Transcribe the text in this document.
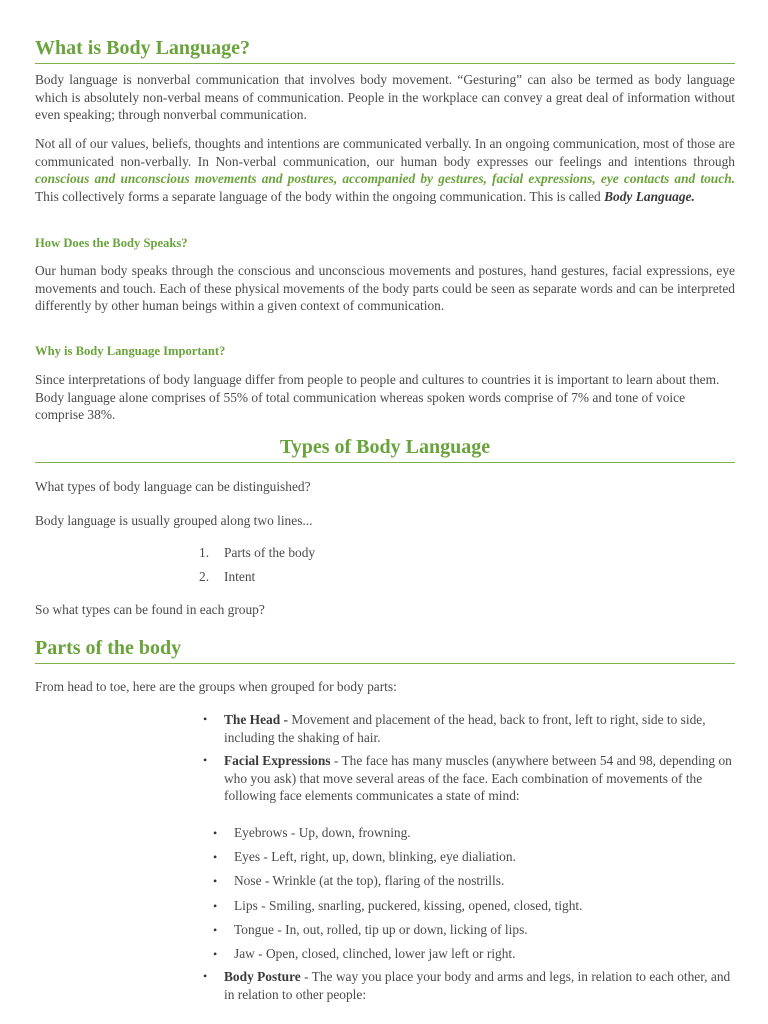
What is Body Language?

Body language is nonverbal communication that involves body movement. “Gesturing” can also be termed as body language which is absolutely non-verbal means of communication. People in the workplace can convey a great deal of information without even speaking; through nonverbal communication.

Not all of our values, beliefs, thoughts and intentions are communicated verbally. In an ongoing communication, most of those are communicated non-verbally. In Non-verbal communication, our human body expresses our feelings and intentions through conscious and unconscious movements and postures, accompanied by gestures, facial expressions, eye contacts and touch. This collectively forms a separate language of the body within the ongoing communication. This is called Body Language.

How Does the Body Speaks?

Our human body speaks through the conscious and unconscious movements and postures, hand gestures, facial expressions, eye movements and touch. Each of these physical movements of the body parts could be seen as separate words and can be interpreted differently by other human beings within a given context of communication.

Why is Body Language Important?

Since interpretations of body language differ from people to people and cultures to countries it is important to learn about them. Body language alone comprises of 55% of total communication whereas spoken words comprise of 7% and tone of voice comprise 38%.

Types of Body Language

What types of body language can be distinguished?

Body language is usually grouped along two lines...

1. Parts of the body
2. Intent

So what types can be found in each group?

Parts of the body

From head to toe, here are the groups when grouped for body parts:

• The Head - Movement and placement of the head, back to front, left to right, side to side, including the shaking of hair.
• Facial Expressions - The face has many muscles (anywhere between 54 and 98, depending on who you ask) that move several areas of the face. Each combination of movements of the following face elements communicates a state of mind:
• Eyebrows - Up, down, frowning.
• Eyes - Left, right, up, down, blinking, eye dialiation.
• Nose - Wrinkle (at the top), flaring of the nostrills.
• Lips - Smiling, snarling, puckered, kissing, opened, closed, tight.
• Tongue - In, out, rolled, tip up or down, licking of lips.
• Jaw - Open, closed, clinched, lower jaw left or right.
• Body Posture - The way you place your body and arms and legs, in relation to each other, and in relation to other people:
